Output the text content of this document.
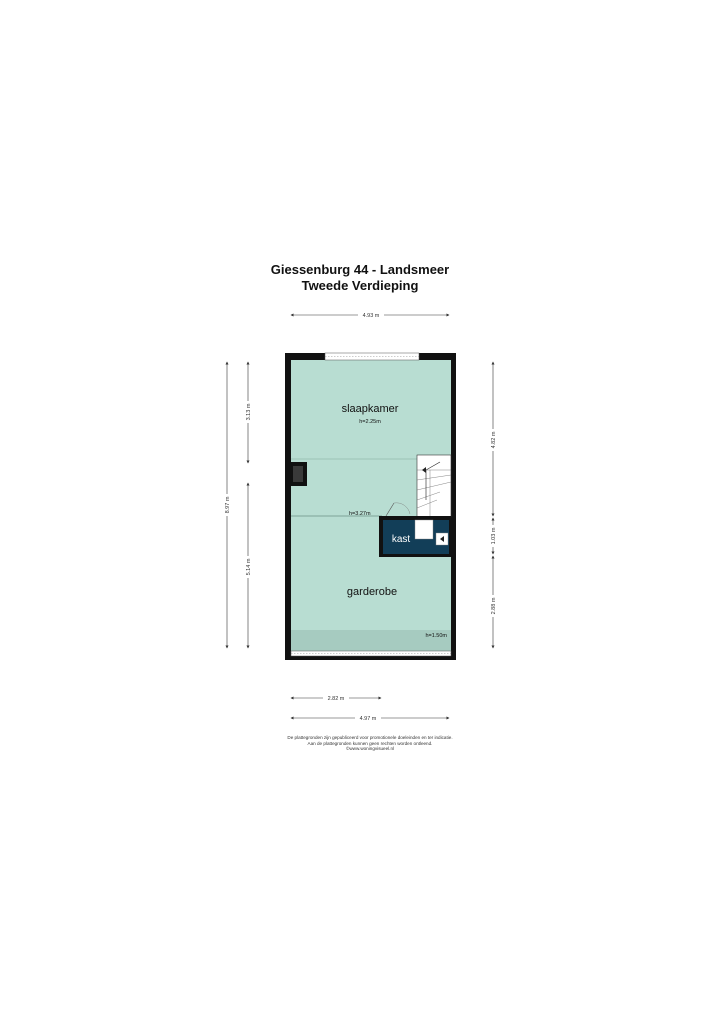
Giessenburg 44 - Landsmeer
Tweede Verdieping
4.93 m
8.97 m
3.13 m
5.14 m
4.82 m
1.03 m
2.88 m
2.82 m
4.97 m
slaapkamer
h=2.25m
h=3.27m
kast
garderobe
h=1.50m
De plattegronden zijn gepubliceerd voor promotionele doeleinden en ter indicatie.
Aan de plattegronden kunnen geen rechten worden ontleend.
©www.woningvisueel.nl
